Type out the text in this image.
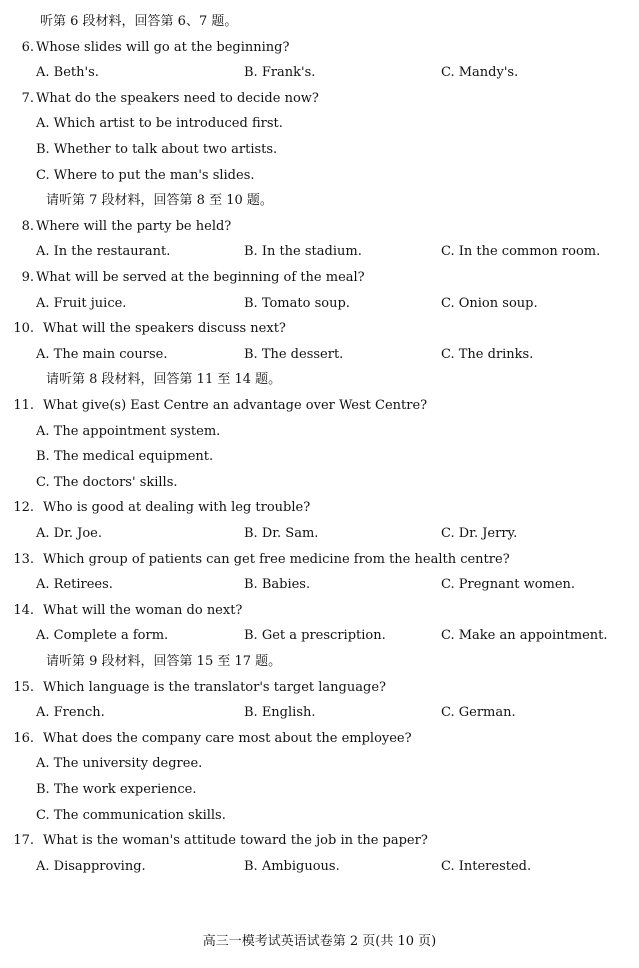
听第 6 段材料，回答第 6、7 题。
6. Whose slides will go at the beginning?
A. Beth's.	B. Frank's.	C. Mandy's.
7. What do the speakers need to decide now?
A. Which artist to be introduced first.
B. Whether to talk about two artists.
C. Where to put the man's slides.
请听第 7 段材料，回答第 8 至 10 题。
8. Where will the party be held?
A. In the restaurant.	B. In the stadium.	C. In the common room.
9. What will be served at the beginning of the meal?
A. Fruit juice.	B. Tomato soup.	C. Onion soup.
10. What will the speakers discuss next?
A. The main course.	B. The dessert.	C. The drinks.
请听第 8 段材料，回答第 11 至 14 题。
11. What give(s) East Centre an advantage over West Centre?
A. The appointment system.
B. The medical equipment.
C. The doctors' skills.
12. Who is good at dealing with leg trouble?
A. Dr. Joe.	B. Dr. Sam.	C. Dr. Jerry.
13. Which group of patients can get free medicine from the health centre?
A. Retirees.	B. Babies.	C. Pregnant women.
14. What will the woman do next?
A. Complete a form.	B. Get a prescription.	C. Make an appointment.
请听第 9 段材料，回答第 15 至 17 题。
15. Which language is the translator's target language?
A. French.	B. English.	C. German.
16. What does the company care most about the employee?
A. The university degree.
B. The work experience.
C. The communication skills.
17. What is the woman's attitude toward the job in the paper?
A. Disapproving.	B. Ambiguous.	C. Interested.
高三一模考试英语试卷第 2 页(共 10 页)
